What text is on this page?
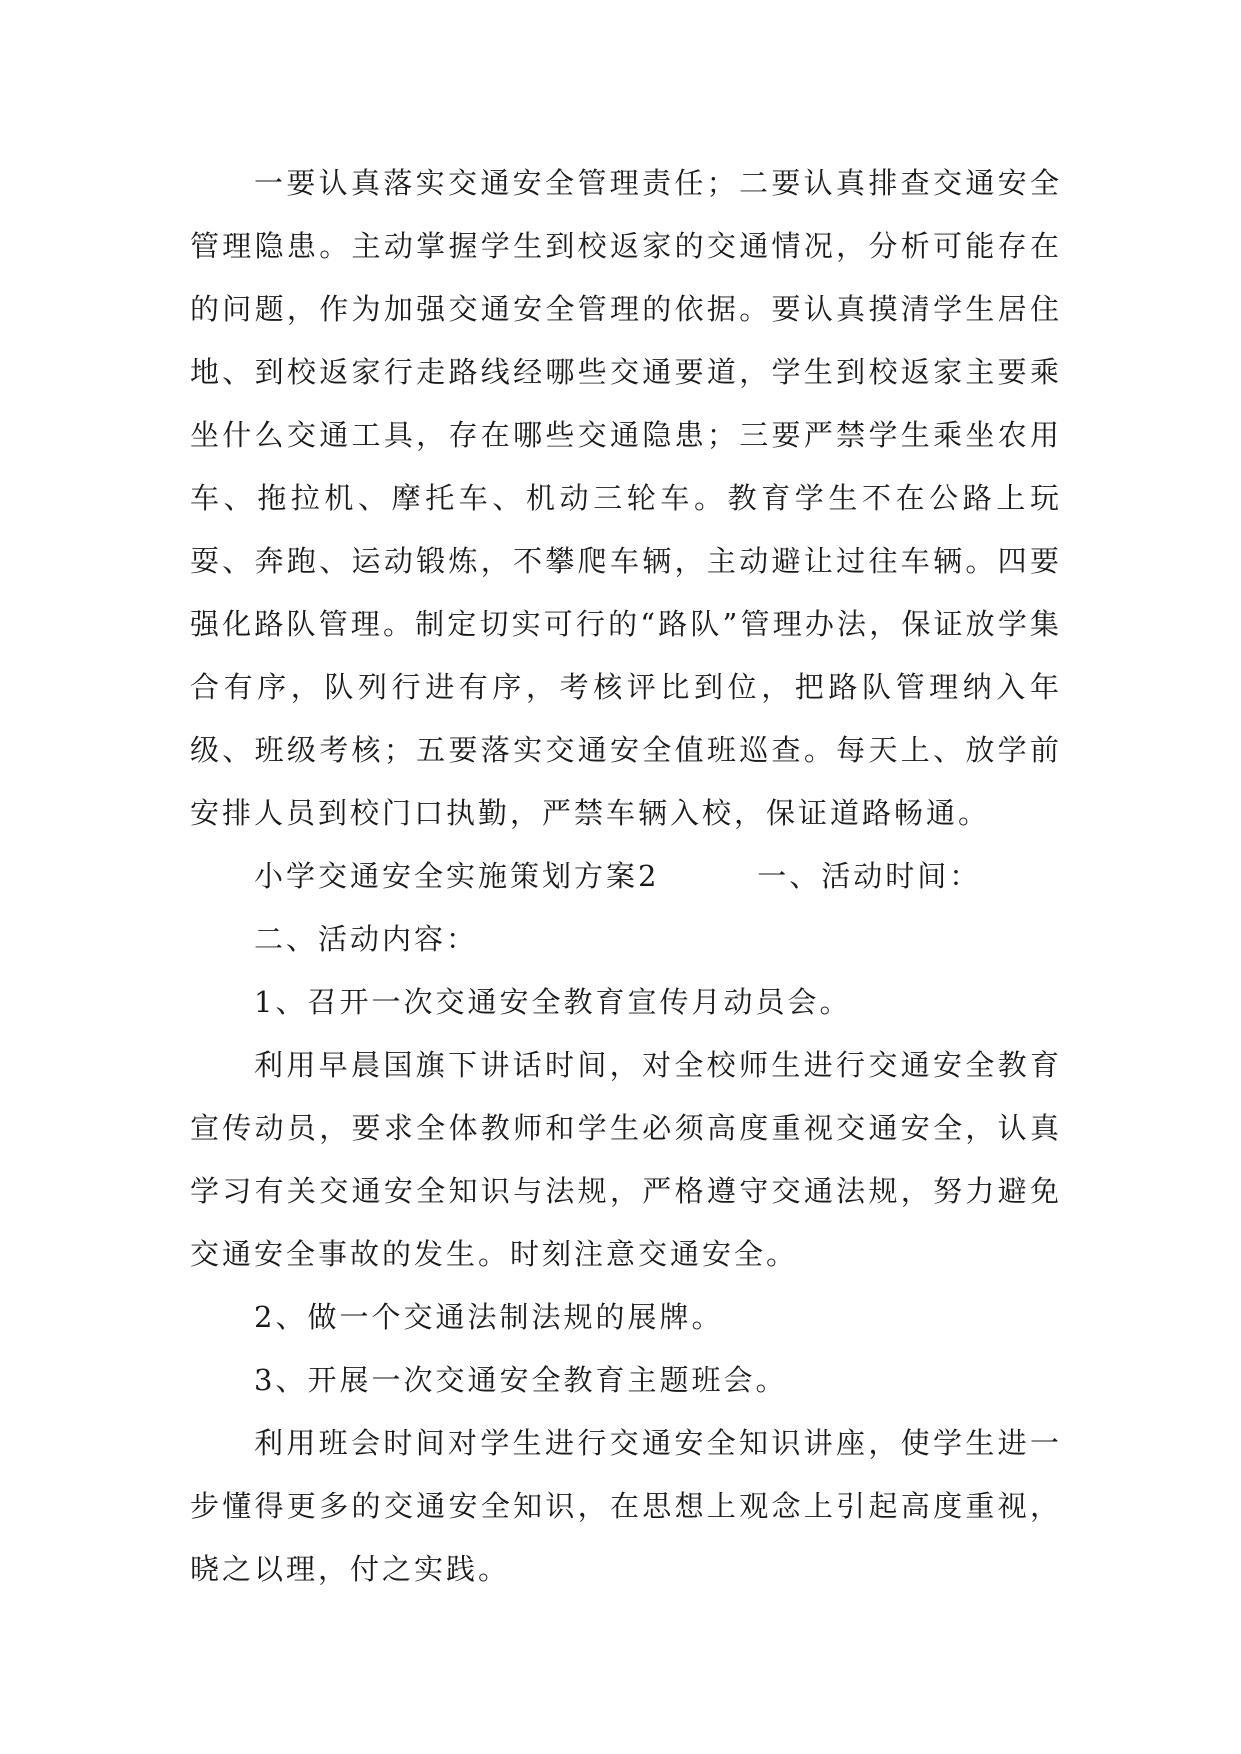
一要认真落实交通安全管理责任；二要认真排查交通安全管理隐患。主动掌握学生到校返家的交通情况，分析可能存在的问题，作为加强交通安全管理的依据。要认真摸清学生居住地、到校返家行走路线经哪些交通要道，学生到校返家主要乘坐什么交通工具，存在哪些交通隐患；三要严禁学生乘坐农用车、拖拉机、摩托车、机动三轮车。教育学生不在公路上玩耍、奔跑、运动锻炼，不攀爬车辆，主动避让过往车辆。四要强化路队管理。制定切实可行的“路队”管理办法，保证放学集合有序，队列行进有序，考核评比到位，把路队管理纳入年级、班级考核；五要落实交通安全值班巡查。每天上、放学前安排人员到校门口执勤，严禁车辆入校，保证道路畅通。

小学交通安全实施策划方案2        一、活动时间：

二、活动内容：

1、召开一次交通安全教育宣传月动员会。

利用早晨国旗下讲话时间，对全校师生进行交通安全教育宣传动员，要求全体教师和学生必须高度重视交通安全，认真学习有关交通安全知识与法规，严格遵守交通法规，努力避免交通安全事故的发生。时刻注意交通安全。

2、做一个交通法制法规的展牌。

3、开展一次交通安全教育主题班会。

利用班会时间对学生进行交通安全知识讲座，使学生进一步懂得更多的交通安全知识，在思想上观念上引起高度重视，晓之以理，付之实践。
